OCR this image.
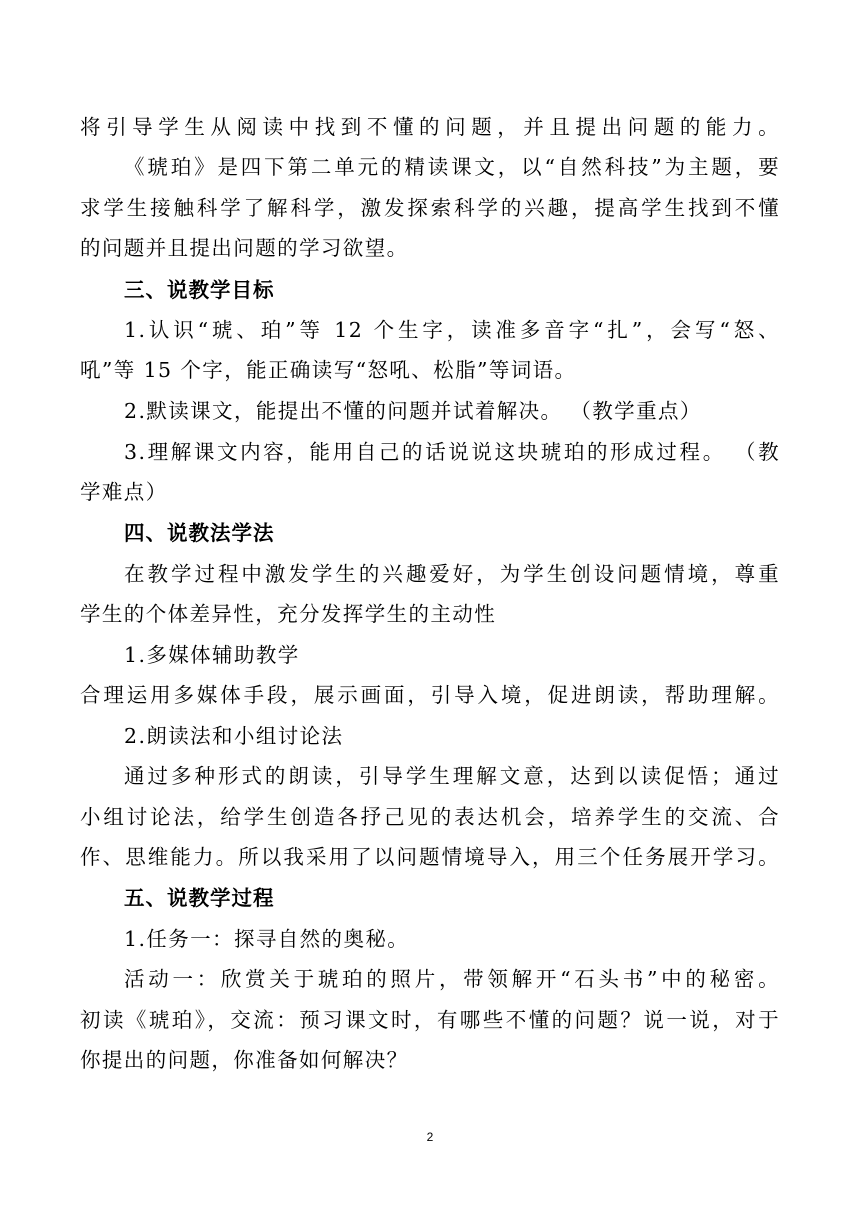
将引导学生从阅读中找到不懂的问题，并且提出问题的能力。
《琥珀》是四下第二单元的精读课文，以“自然科技”为主题，要
求学生接触科学了解科学，激发探索科学的兴趣，提高学生找到不懂
的问题并且提出问题的学习欲望。
三、说教学目标
1.认识“琥、珀”等 12 个生字，读准多音字“扎”，会写“怒、
吼”等 15 个字，能正确读写“怒吼、松脂”等词语。
2.默读课文，能提出不懂的问题并试着解决。 （教学重点）
3.理解课文内容，能用自己的话说说这块琥珀的形成过程。 （教
学难点）
四、说教法学法
在教学过程中激发学生的兴趣爱好，为学生创设问题情境，尊重
学生的个体差异性，充分发挥学生的主动性
1.多媒体辅助教学
合理运用多媒体手段，展示画面，引导入境，促进朗读，帮助理解。
2.朗读法和小组讨论法
通过多种形式的朗读，引导学生理解文意，达到以读促悟；通过
小组讨论法，给学生创造各抒己见的表达机会，培养学生的交流、合
作、思维能力。所以我采用了以问题情境导入，用三个任务展开学习。
五、说教学过程
1.任务一：探寻自然的奥秘。
活动一：欣赏关于琥珀的照片，带领解开“石头书”中的秘密。
初读《琥珀》，交流：预习课文时，有哪些不懂的问题？说一说，对于
你提出的问题，你准备如何解决？
2
